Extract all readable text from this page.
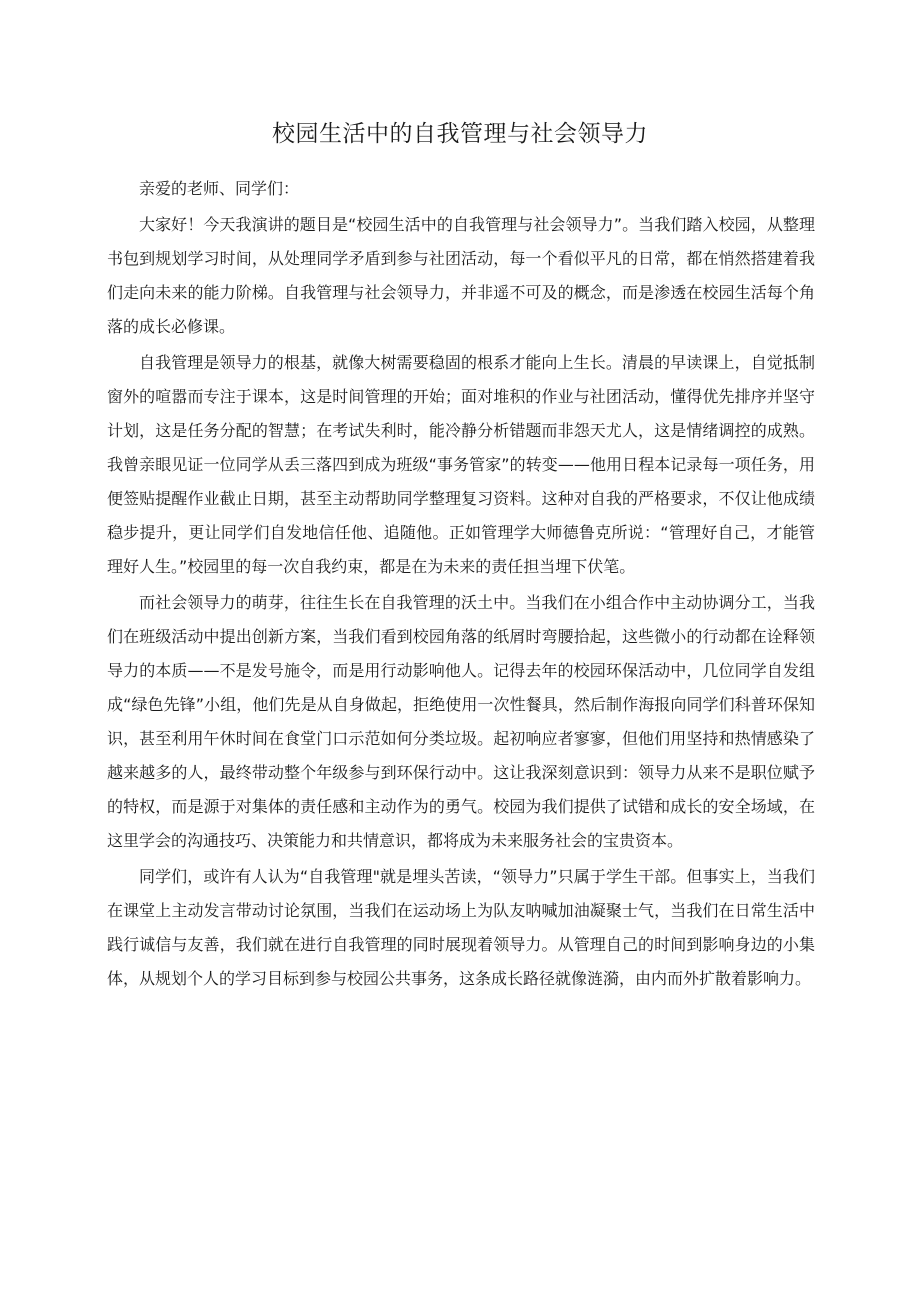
校园生活中的自我管理与社会领导力

亲爱的老师、同学们：

大家好！今天我演讲的题目是“校园生活中的自我管理与社会领导力”。当我们踏入校园，从整理书包到规划学习时间，从处理同学矛盾到参与社团活动，每一个看似平凡的日常，都在悄然搭建着我们走向未来的能力阶梯。自我管理与社会领导力，并非遥不可及的概念，而是渗透在校园生活每个角落的成长必修课。

自我管理是领导力的根基，就像大树需要稳固的根系才能向上生长。清晨的早读课上，自觉抵制窗外的喧嚣而专注于课本，这是时间管理的开始；面对堆积的作业与社团活动，懂得优先排序并坚守计划，这是任务分配的智慧；在考试失利时，能冷静分析错题而非怨天尤人，这是情绪调控的成熟。我曾亲眼见证一位同学从丢三落四到成为班级“事务管家”的转变——他用日程本记录每一项任务，用便签贴提醒作业截止日期，甚至主动帮助同学整理复习资料。这种对自我的严格要求，不仅让他成绩稳步提升，更让同学们自发地信任他、追随他。正如管理学大师德鲁克所说：“管理好自己，才能管理好人生。”校园里的每一次自我约束，都是在为未来的责任担当埋下伏笔。

而社会领导力的萌芽，往往生长在自我管理的沃土中。当我们在小组合作中主动协调分工，当我们在班级活动中提出创新方案，当我们看到校园角落的纸屑时弯腰拾起，这些微小的行动都在诠释领导力的本质——不是发号施令，而是用行动影响他人。记得去年的校园环保活动中，几位同学自发组成“绿色先锋”小组，他们先是从自身做起，拒绝使用一次性餐具，然后制作海报向同学们科普环保知识，甚至利用午休时间在食堂门口示范如何分类垃圾。起初响应者寥寥，但他们用坚持和热情感染了越来越多的人，最终带动整个年级参与到环保行动中。这让我深刻意识到：领导力从来不是职位赋予的特权，而是源于对集体的责任感和主动作为的勇气。校园为我们提供了试错和成长的安全场域，在这里学会的沟通技巧、决策能力和共情意识，都将成为未来服务社会的宝贵资本。

同学们，或许有人认为“自我管理"就是埋头苦读，“领导力”只属于学生干部。但事实上，当我们在课堂上主动发言带动讨论氛围，当我们在运动场上为队友呐喊加油凝聚士气，当我们在日常生活中践行诚信与友善，我们就在进行自我管理的同时展现着领导力。从管理自己的时间到影响身边的小集体，从规划个人的学习目标到参与校园公共事务，这条成长路径就像涟漪，由内而外扩散着影响力。
